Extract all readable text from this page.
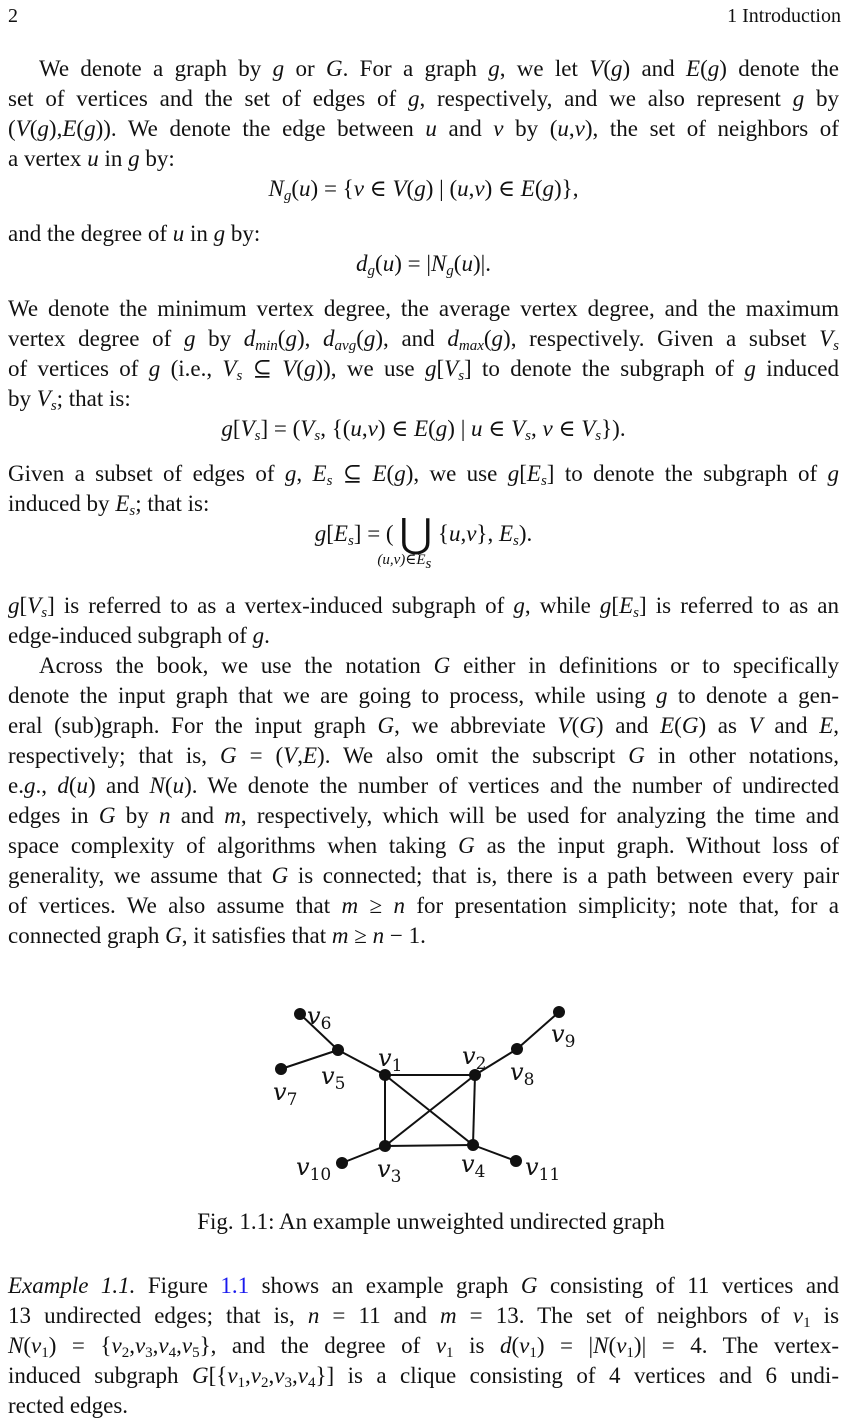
2	1 Introduction
We denote a graph by g or G. For a graph g, we let V(g) and E(g) denote the
set of vertices and the set of edges of g, respectively, and we also represent g by
(V(g),E(g)). We denote the edge between u and v by (u,v), the set of neighbors of
a vertex u in g by:
$N_g(u) = \{v$ ∈ V(g) | (u,v) ∈ E(g)},
and the degree of u in g by:
$d_g(u) = |N_g(u)|$.
We denote the minimum vertex degree, the average vertex degree, and the maximum
vertex degree of g by $d_{min}(g)$, $d_{avg}(g)$, and $d_{max}(g)$, respectively. Given a subset $V_s$
of vertices of g (i.e., $V_s$ ⊆ V(g)), we use $g[V_s]$ to denote the subgraph of g induced
by $V_s$; that is:
$g[V_s] = (V_s$, {(u,v) ∈ E(g) | u ∈ $V_s$, v ∈ $V_s$}).
Given a subset of edges of g, $E_s$ ⊆ E(g), we use $g[E_s]$ to denote the subgraph of g
induced by $E_s$; that is:
$g[E_s]$ = ( ⋃
$(u,v)\in E_s$
{u,v}, $E_s$).
$g[V_s]$ is referred to as a vertex-induced subgraph of g, while $g[E_s]$ is referred to as an
edge-induced subgraph of g.
Across the book, we use the notation G either in definitions or to specifically
denote the input graph that we are going to process, while using g to denote a gen-
eral (sub)graph. For the input graph G, we abbreviate V(G) and E(G) as V and E,
respectively; that is, G = (V,E). We also omit the subscript G in other notations,
e.g., d(u) and N(u). We denote the number of vertices and the number of undirected
edges in G by n and m, respectively, which will be used for analyzing the time and
space complexity of algorithms when taking G as the input graph. Without loss of
generality, we assume that G is connected; that is, there is a path between every pair
of vertices. We also assume that m ≥ n for presentation simplicity; note that, for a
connected graph G, it satisfies that m ≥ n − 1.
Example 1.1. Figure 1.1 shows an example graph G consisting of 11 vertices and
13 undirected edges; that is, n = 11 and m = 13. The set of neighbors of $v_1$ is
$N(v_1) = \{v_2,v_3,v_4,v_5\}$, and the degree of $v_1$ is $d(v_1) = |N(v_1)| = 4$. The vertex-
induced subgraph $G[\{v_1,v_2,v_3,v_4\}]$ is a clique consisting of 4 vertices and 6 undi-
rected edges.
$v_1$ $v_2$
$v_3$ $v_4$
$v_5$
$v_6$
$v_7$
$v_8$
$v_9$
$v_{10}$	$v_{11}$
Fig. 1.1: An example unweighted undirected graph
